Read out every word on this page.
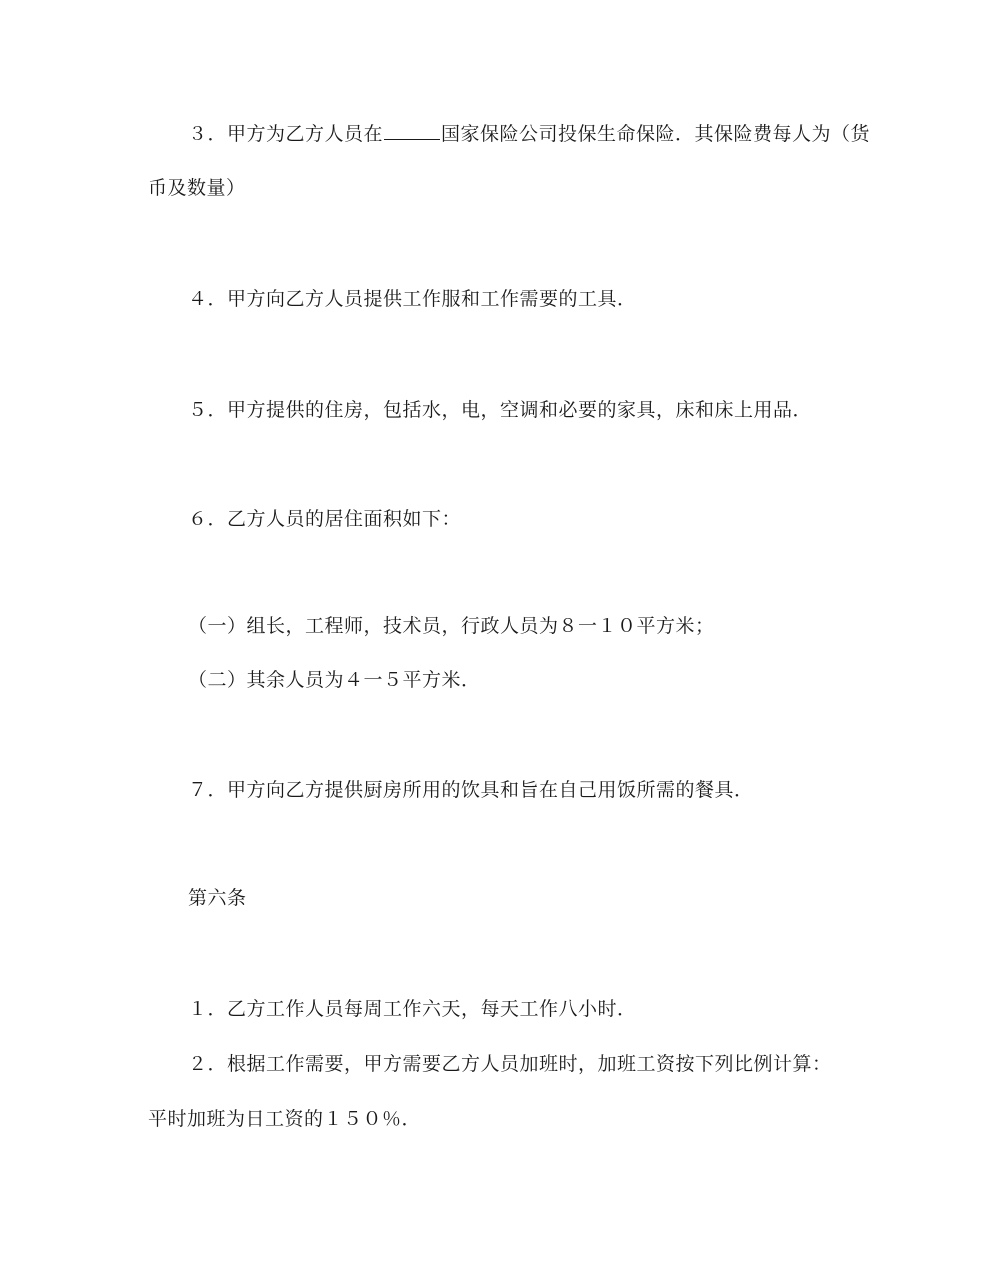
３．甲方为乙方人员在	国家保险公司投保生命保险．其保险费每人为（货
币及数量）
４．甲方向乙方人员提供工作服和工作需要的工具．
５．甲方提供的住房，包括水，电，空调和必要的家具，床和床上用品．
６．乙方人员的居住面积如下：
（一）组长，工程师，技术员，行政人员为８一１０平方米；
（二）其余人员为４一５平方米．
７．甲方向乙方提供厨房所用的饮具和旨在自己用饭所需的餐具．
第六条
１．乙方工作人员每周工作六天，每天工作八小时．
２．根据工作需要，甲方需要乙方人员加班时，加班工资按下列比例计算：
平时加班为日工资的１５０％．
